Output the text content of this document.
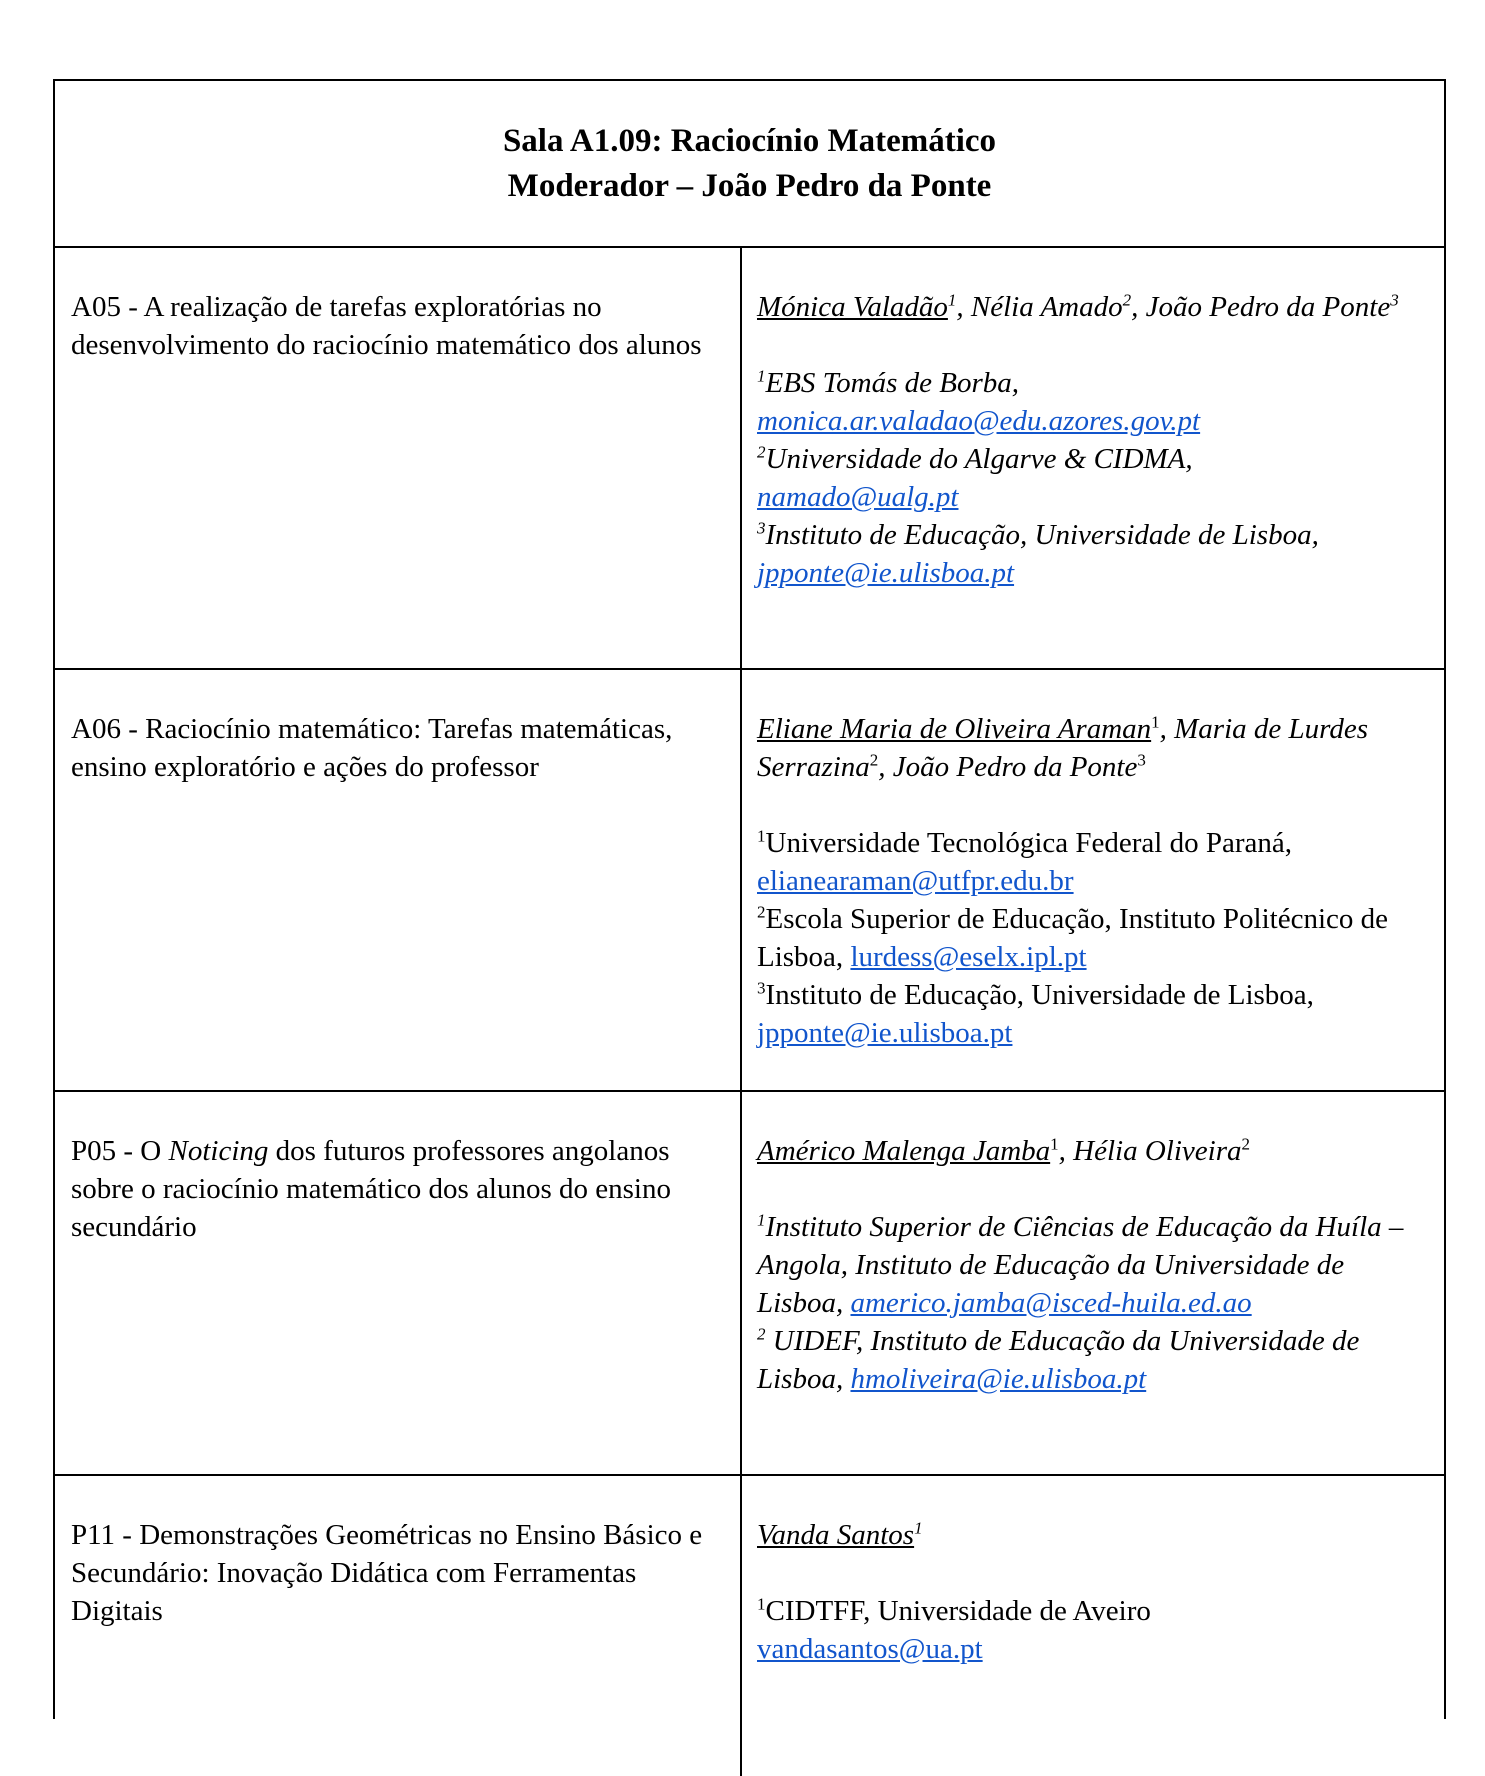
Sala A1.09: Raciocínio Matemático
Moderador – João Pedro da Ponte
A05 - A realização de tarefas exploratórias no desenvolvimento do raciocínio matemático dos alunos
Mónica Valadão$^1$, Nélia Amado$^2$, João Pedro da Ponte$^3$
$^1$EBS Tomás de Borba,
monica.ar.valadao@edu.azores.gov.pt
$^2$Universidade do Algarve & CIDMA,
namado@ualg.pt
$^3$Instituto de Educação, Universidade de Lisboa,
jpponte@ie.ulisboa.pt
A06 - Raciocínio matemático: Tarefas matemáticas, ensino exploratório e ações do professor
Eliane Maria de Oliveira Araman$^1$, Maria de Lurdes Serrazina$^2$, João Pedro da Ponte$^3$
$^1$Universidade Tecnológica Federal do Paraná,
elianearaman@utfpr.edu.br
$^2$Escola Superior de Educação, Instituto Politécnico de Lisboa, lurdess@eselx.ipl.pt
$^3$Instituto de Educação, Universidade de Lisboa,
jpponte@ie.ulisboa.pt
P05 - O Noticing dos futuros professores angolanos sobre o raciocínio matemático dos alunos do ensino secundário
Américo Malenga Jamba$^1$, Hélia Oliveira$^2$
$^1$Instituto Superior de Ciências de Educação da Huíla – Angola, Instituto de Educação da Universidade de Lisboa, americo.jamba@isced-huila.ed.ao
$^2$ UIDEF, Instituto de Educação da Universidade de Lisboa, hmoliveira@ie.ulisboa.pt
P11 - Demonstrações Geométricas no Ensino Básico e Secundário: Inovação Didática com Ferramentas Digitais
Vanda Santos$^1$
$^1$CIDTFF, Universidade de Aveiro
vandasantos@ua.pt
